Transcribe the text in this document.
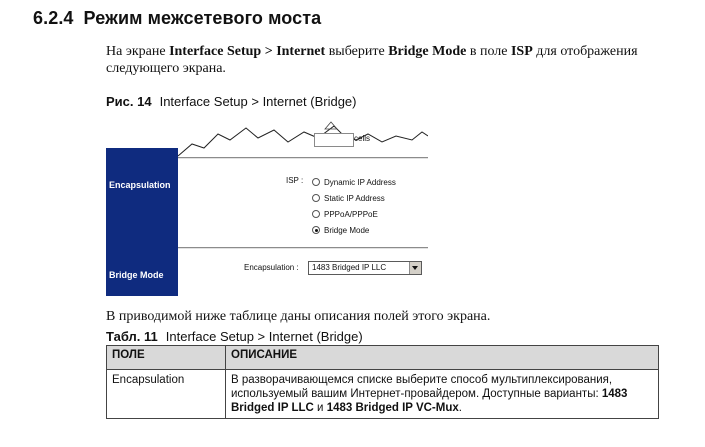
6.2.4 Режим межсетевого моста

На экране Interface Setup > Internet выберите Bridge Mode в поле ISP для отображения следующего экрана.

Рис. 14 Interface Setup > Internet (Bridge)

Encapsulation
Bridge Mode
cells
ISP :	Dynamic IP Address
Static IP Address
PPPoA/PPPoE
Bridge Mode
Encapsulation : 1483 Bridged IP LLC

В приводимой ниже таблице даны описания полей этого экрана.

Табл. 11 Interface Setup > Internet (Bridge)

ПОЛЕ	ОПИСАНИЕ
Encapsulation	В разворачивающемся списке выберите способ мультиплексирования, используемый вашим Интернет-провайдером. Доступные варианты: 1483 Bridged IP LLC и 1483 Bridged IP VC-Mux.
